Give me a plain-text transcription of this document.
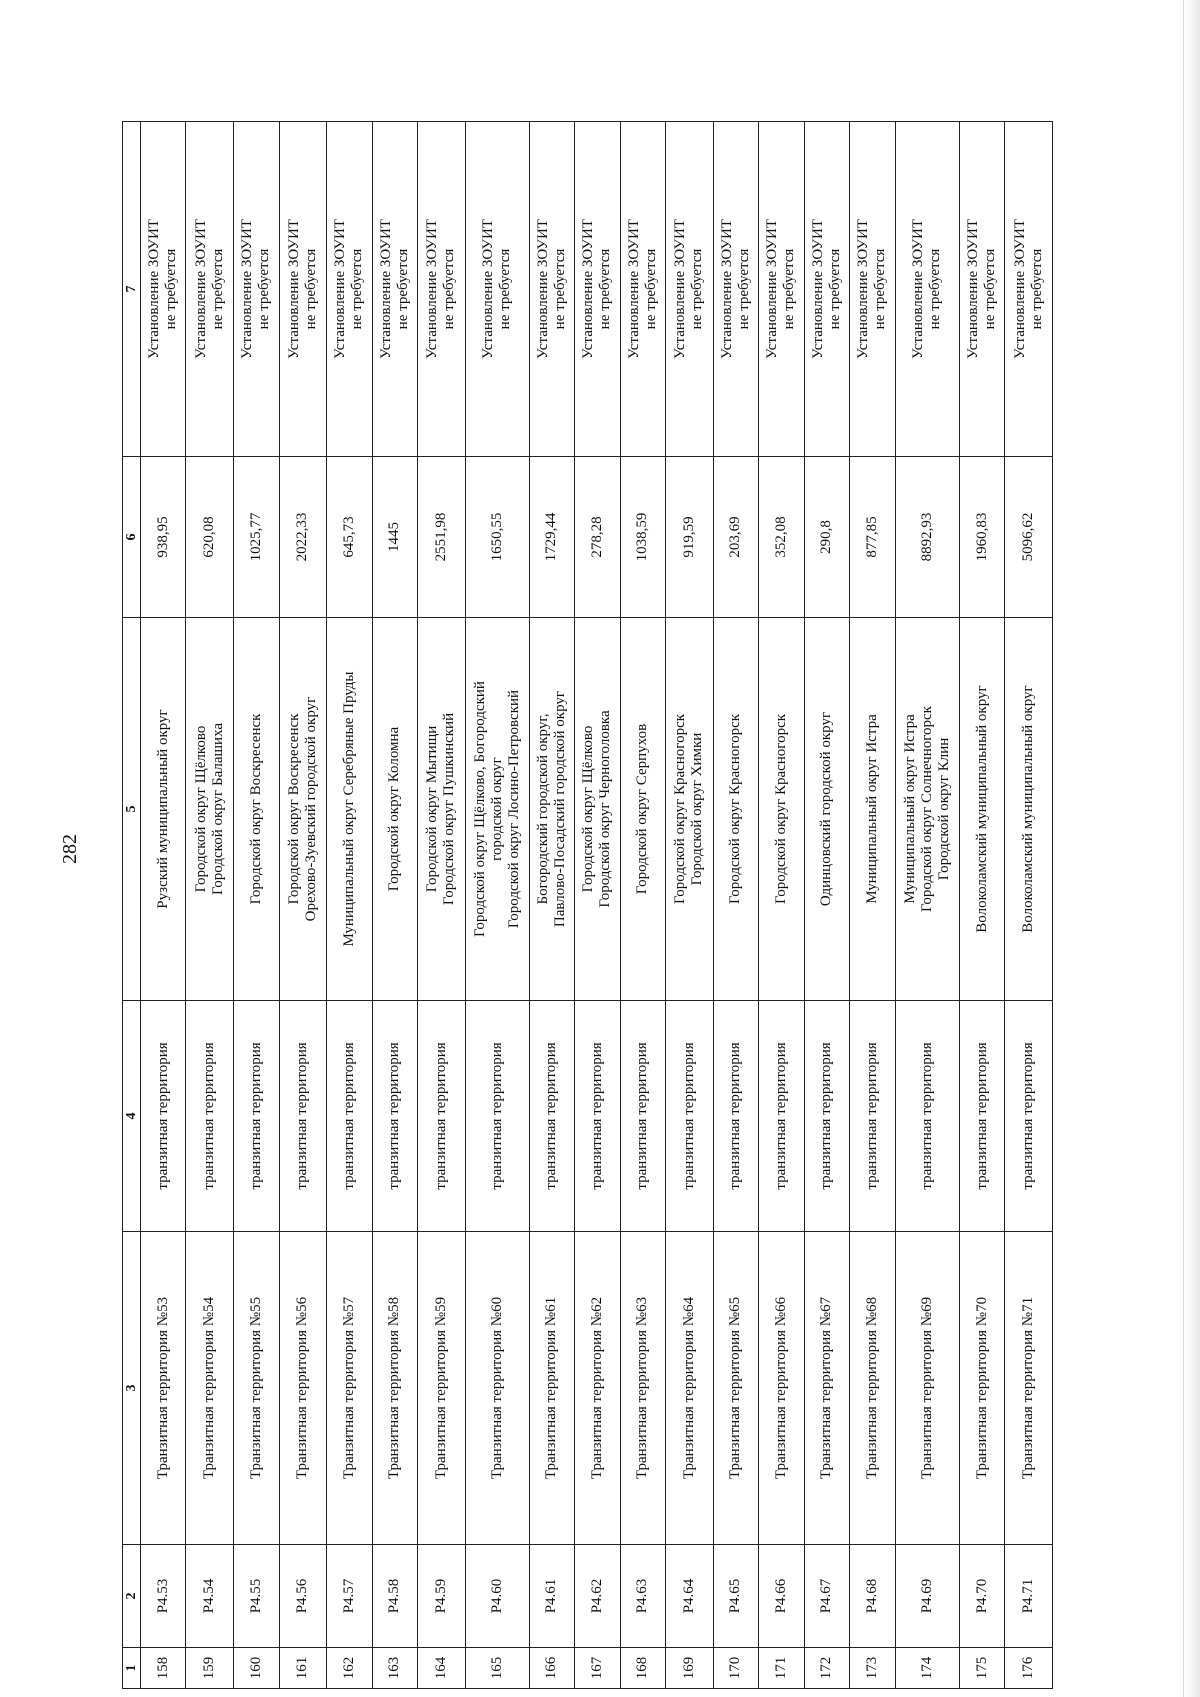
282
1	2	3	4	5	6	7
158	Р4.53	Транзитная территория №53	транзитная территория	Рузский муниципальный округ	938,95	Установление ЗОУИТ не требуется

159	Р4.54	Транзитная территория №54	транзитная территория	Городской округ Щёлково Городской округ Балашиха	620,08	Установление ЗОУИТ не требуется

160	Р4.55	Транзитная территория №55	транзитная территория	Городской округ Воскресенск	1025,77	Установление ЗОУИТ не требуется

161	Р4.56	Транзитная территория №56	транзитная территория	Городской округ Воскресенск Орехово-Зуевский городской округ	2022,33	Установление ЗОУИТ не требуется

162	Р4.57	Транзитная территория №57	транзитная территория	Муниципальный округ Серебряные Пруды	645,73	Установление ЗОУИТ не требуется

163	Р4.58	Транзитная территория №58	транзитная территория	Городской округ Коломна	1445	Установление ЗОУИТ не требуется

164	Р4.59	Транзитная территория №59	транзитная территория	Городской округ Мытищи Городской округ Пушкинский	2551,98	Установление ЗОУИТ не требуется

165	Р4.60	Транзитная территория №60	транзитная территория	Городской округ Щёлково, Богородский городской округ Городской округ Лосино-Петровский	1650,55	Установление ЗОУИТ не требуется

166	Р4.61	Транзитная территория №61	транзитная территория	Богородский городской округ, Павлово-Посадский городской округ	1729,44	Установление ЗОУИТ не требуется

167	Р4.62	Транзитная территория №62	транзитная территория	Городской округ Щёлково Городской округ Черноголовка	278,28	Установление ЗОУИТ не требуется

168	Р4.63	Транзитная территория №63	транзитная территория	Городской округ Серпухов	1038,59	Установление ЗОУИТ не требуется

169	Р4.64	Транзитная территория №64	транзитная территория	Городской округ Красногорск Городской округ Химки	919,59	Установление ЗОУИТ не требуется

170	Р4.65	Транзитная территория №65	транзитная территория	Городской округ Красногорск	203,69	Установление ЗОУИТ не требуется

171	Р4.66	Транзитная территория №66	транзитная территория	Городской округ Красногорск	352,08	Установление ЗОУИТ не требуется

172	Р4.67	Транзитная территория №67	транзитная территория	Одинцовский городской округ	290,8	Установление ЗОУИТ не требуется

173	Р4.68	Транзитная территория №68	транзитная территория	Муниципальный округ Истра	877,85	Установление ЗОУИТ не требуется

174	Р4.69	Транзитная территория №69	транзитная территория	Муниципальный округ Истра Городской округ Солнечногорск Городской округ Клин	8892,93	Установление ЗОУИТ не требуется

175	Р4.70	Транзитная территория №70	транзитная территория	Волоколамский муниципальный округ	1960,83	Установление ЗОУИТ не требуется

176	Р4.71	Транзитная территория №71	транзитная территория	Волоколамский муниципальный округ	5096,62	Установление ЗОУИТ не требуется
